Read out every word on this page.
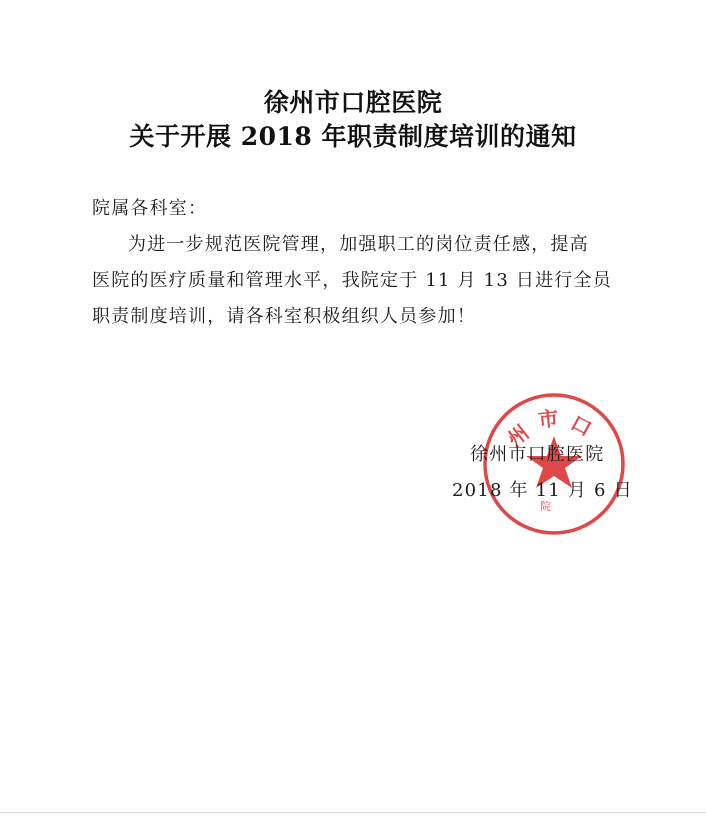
徐州市口腔医院
关于开展 2018 年职责制度培训的通知
院属各科室：
为进一步规范医院管理，加强职工的岗位责任感，提高
医院的医疗质量和管理水平，我院定于 11 月 13 日进行全员
职责制度培训，请各科室积极组织人员参加！
州
市 口
院
徐州市口腔医院
2018 年 11 月 6 日
